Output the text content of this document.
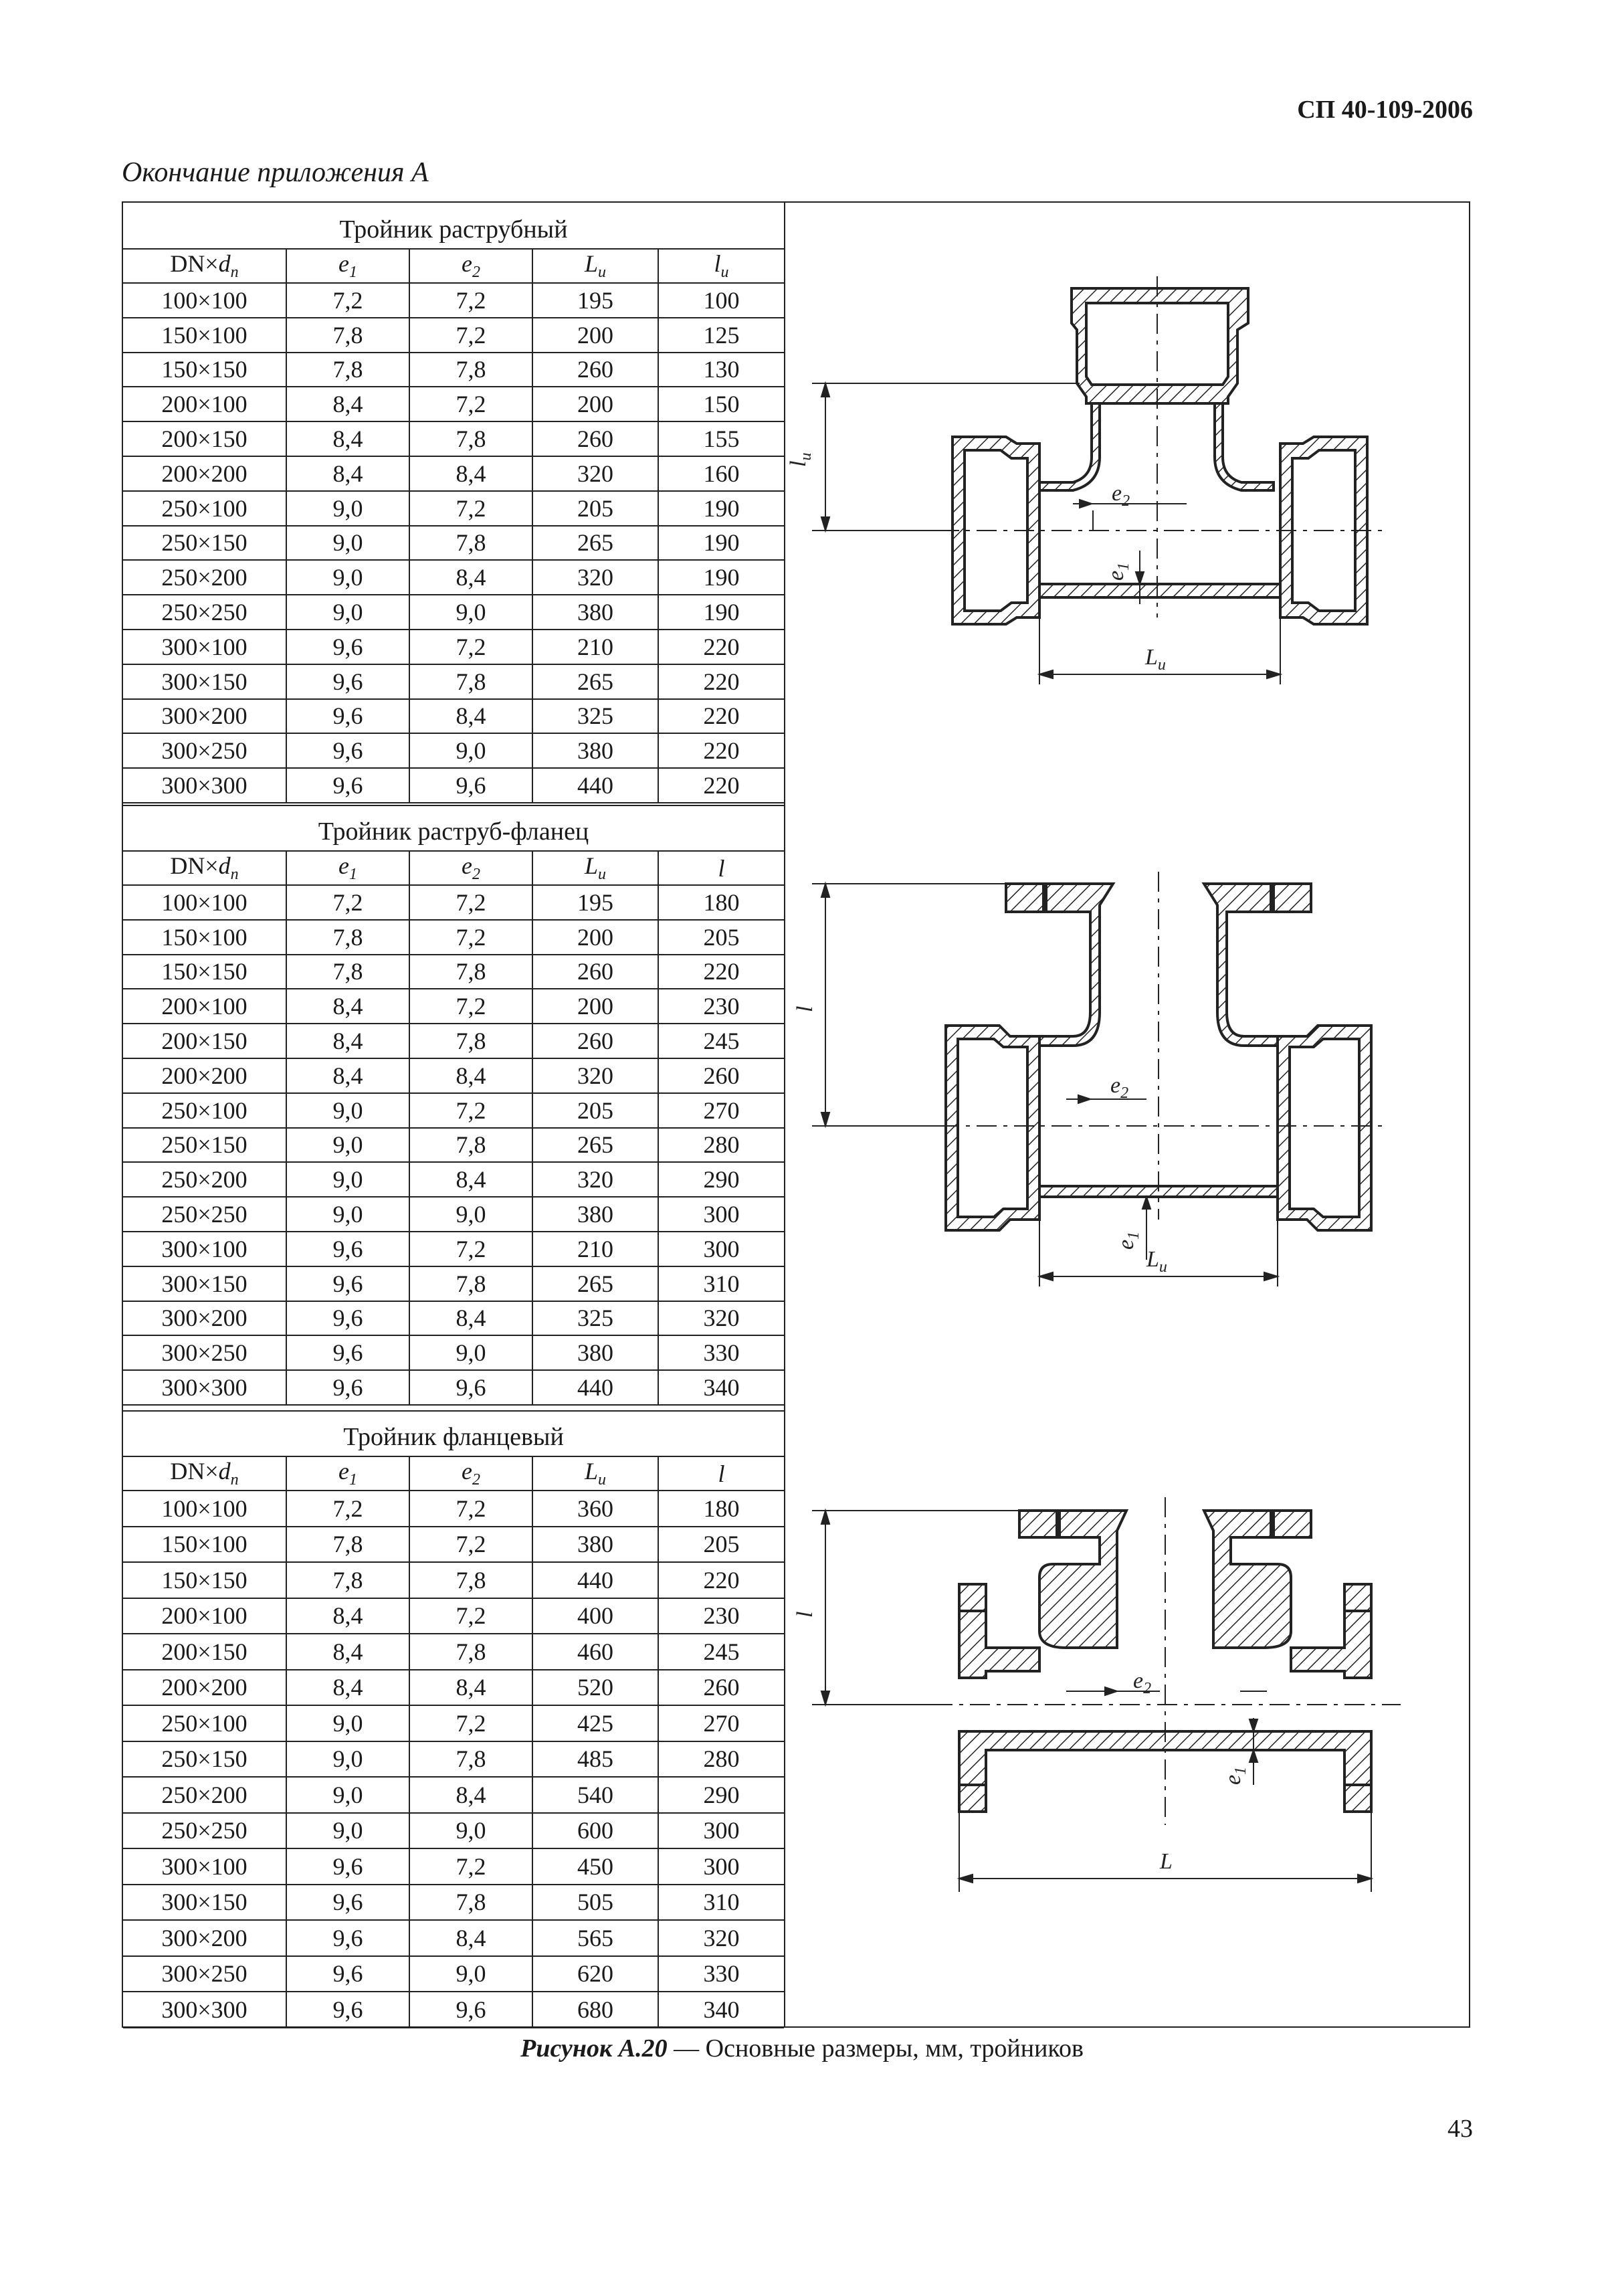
СП 40-109-2006
Окончание приложения А
Тройник раструбный
$DN\times d_n$	$e_1$	$e_2$	$L_u$	$l_u$
100×100	7,2	7,2	195	100
150×100	7,8	7,2	200	125
150×150	7,8	7,8	260	130
200×100	8,4	7,2	200	150
200×150	8,4	7,8	260	155
200×200	8,4	8,4	320	160
250×100	9,0	7,2	205	190
250×150	9,0	7,8	265	190
250×200	9,0	8,4	320	190
250×250	9,0	9,0	380	190
300×100	9,6	7,2	210	220
300×150	9,6	7,8	265	220
300×200	9,6	8,4	325	220
300×250	9,6	9,0	380	220
300×300	9,6	9,6	440	220
Тройник раструб-фланец
$DN\times d_n$	$e_1$	$e_2$	$L_u$	l
100×100	7,2	7,2	195	180
150×100	7,8	7,2	200	205
150×150	7,8	7,8	260	220
200×100	8,4	7,2	200	230
200×150	8,4	7,8	260	245
200×200	8,4	8,4	320	260
250×100	9,0	7,2	205	270
250×150	9,0	7,8	265	280
250×200	9,0	8,4	320	290
250×250	9,0	9,0	380	300
300×100	9,6	7,2	210	300
300×150	9,6	7,8	265	310
300×200	9,6	8,4	325	320
300×250	9,6	9,0	380	330
300×300	9,6	9,6	440	340
Тройник фланцевый
$DN\times d_n$	$e_1$	$e_2$	$L_u$	l
100×100	7,2	7,2	360	180
150×100	7,8	7,2	380	205
150×150	7,8	7,8	440	220
200×100	8,4	7,2	400	230
200×150	8,4	7,8	460	245
200×200	8,4	8,4	520	260
250×100	9,0	7,2	425	270
250×150	9,0	7,8	485	280
250×200	9,0	8,4	540	290
250×250	9,0	9,0	600	300
300×100	9,6	7,2	450	300
300×150	9,6	7,8	505	310
300×200	9,6	8,4	565	320
300×250	9,6	9,0	620	330
300×300	9,6	9,6	680	340
$l_u$
$e_2$
$e_1$
$L_u$
l
$e_2$
$e_1$
$L_u$
l
$e_2$
$e_1$
L
Рисунок А.20 — Основные размеры, мм, тройников
43
